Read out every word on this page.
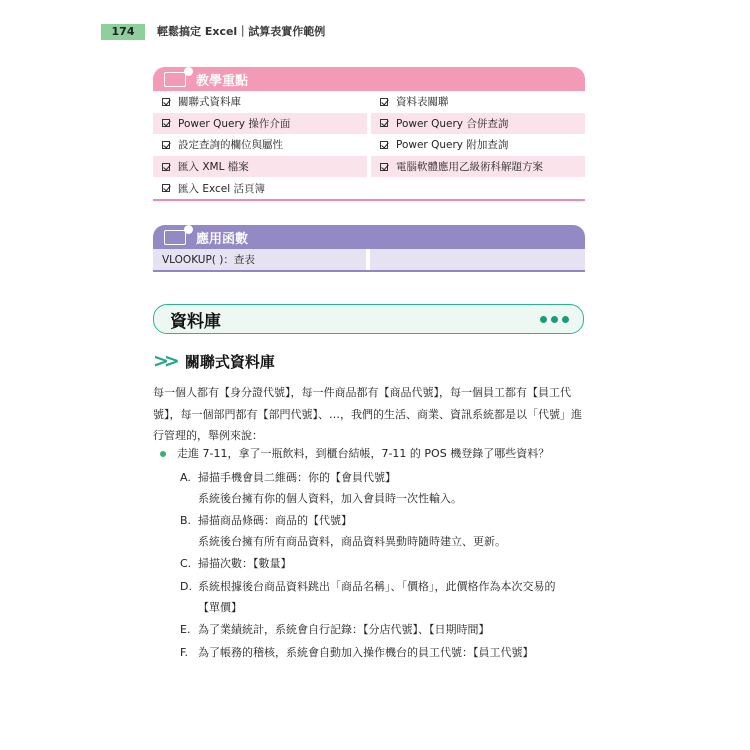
174	輕鬆搞定 Excel｜試算表實作範例
教學重點
關聯式資料庫	資料表關聯
Power Query 操作介面	Power Query 合併查詢
設定查詢的欄位與屬性	Power Query 附加查詢
匯入 XML 檔案	電腦軟體應用乙級術科解題方案
匯入 Excel 活頁簿
應用函數
VLOOKUP( )：查表
資料庫
>> 關聯式資料庫
每一個人都有【身分證代號】，每一件商品都有【商品代號】，每一個員工都有【員工代號】，每一個部門都有【部門代號】、…，我們的生活、商業、資訊系統都是以「代號」進行管理的，舉例來說：
走進 7-11，拿了一瓶飲料，到櫃台結帳，7-11 的 POS 機登錄了哪些資料？
A. 掃描手機會員二維碼：你的【會員代號】
系統後台擁有你的個人資料，加入會員時一次性輸入。
B. 掃描商品條碼：商品的【代號】
系統後台擁有所有商品資料，商品資料異動時隨時建立、更新。
C. 掃描次數：【數量】
D. 系統根據後台商品資料跳出「商品名稱」、「價格」，此價格作為本次交易的
【單價】
E. 為了業績統計，系統會自行記錄：【分店代號】、【日期時間】
F. 為了帳務的稽核，系統會自動加入操作機台的員工代號：【員工代號】
